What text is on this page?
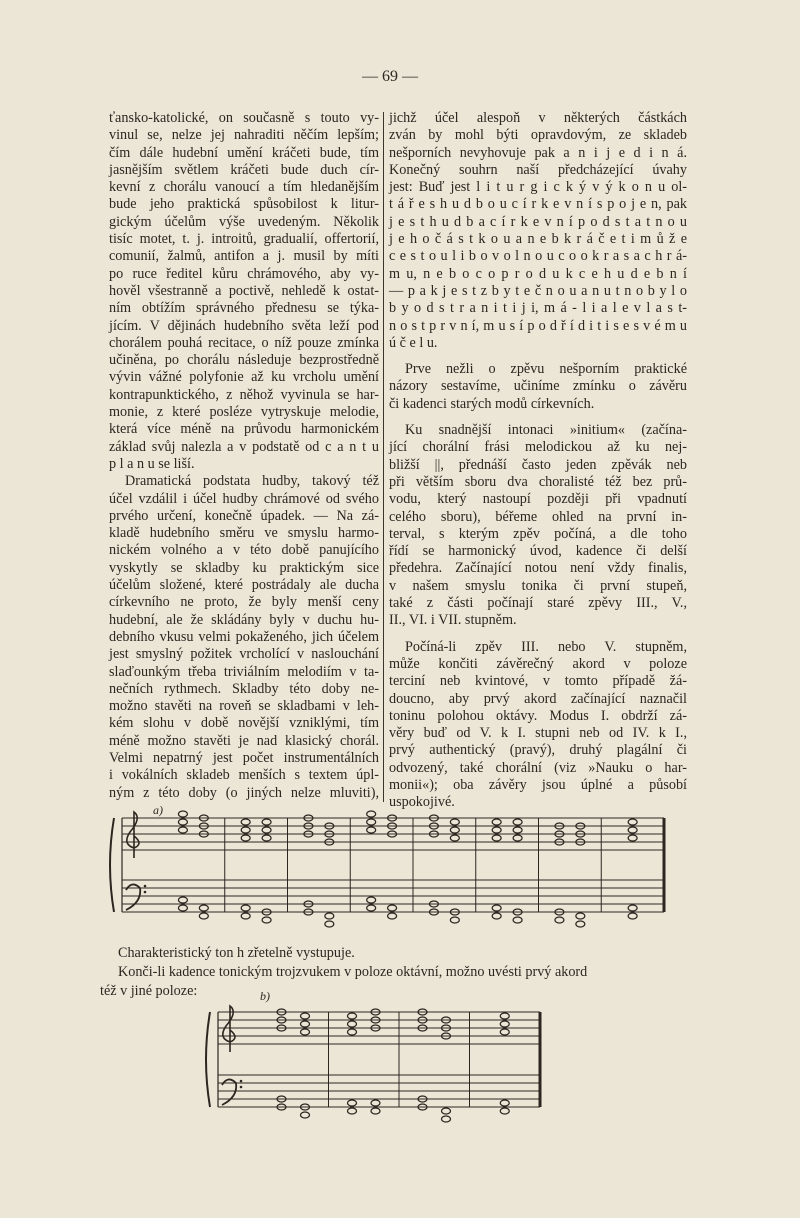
— 69 —
ťansko-katolické, on současně s touto vy-
vinul se, nelze jej nahraditi něčím lepším;
čím dále hudební umění kráčeti bude, tím
jasnějším světlem kráčeti bude duch cír-
kevní z chorálu vanoucí a tím hledanějším
bude jeho praktická spůsobilost k litur-
gickým účelům výše uvedeným. Několik
tisíc motet, t. j. introitů, gradualií, offertorií,
comunií, žalmů, antifon a j. musil by míti
po ruce ředitel kůru chrámového, aby vy-
hověl všestranně a poctivě, nehledě k ostat-
ním obtížím správného přednesu se týka-
jícím. V dějinách hudebního světa leží pod
chorálem pouhá recitace, o níž pouze zmínka
učiněna, po chorálu následuje bezprostředně
vývin vážné polyfonie až ku vrcholu umění
kontrapunktického, z něhož vyvinula se har-
monie, z které posléze vytryskuje melodie,
která více méně na průvodu harmonickém
základ svůj nalezla a v podstatě od c a n t u
p l a n u se liší.
Dramatická podstata hudby, takový též
účel vzdálil i účel hudby chrámové od svého
prvého určení, konečně úpadek. — Na zá-
kladě hudebního směru ve smyslu harmo-
nickém volného a v této době panujícího
vyskytly se skladby ku praktickým sice
účelům složené, které postrádaly ale ducha
církevního ne proto, že byly menší ceny
hudební, ale že skládány byly v duchu hu-
debního vkusu velmi pokaženého, jich účelem
jest smyslný požitek vrcholící v naslouchání
slaďounkým třeba triviálním melodiím v ta-
nečních rythmech. Skladby této doby ne-
možno stavěti na roveň se skladbami v leh-
kém slohu v době novější vzniklými, tím
méně možno stavěti je nad klasický chorál.
Velmi nepatrný jest počet instrumentálních
i vokálních skladeb menších s textem úpl-
ným z této doby (o jiných nelze mluviti),
jichž účel alespoň v některých částkách
zván by mohl býti opravdovým, ze skladeb
nešporních nevyhovuje pak a n i j e d i n á.
Konečný souhrn naší předcházející úvahy
jest: Buď jest l i t u r g i c k ý v ý k o n u ol-
t á ř e s h u d b o u c í r k e v n í s p o j e n, pak
j e s t h u d b a c í r k e v n í p o d s t a t n o u
j e h o č á s t k o u a n e b k r á č e t i m ů ž e
c e s t o u l i b o v o l n o u c o o k r a s a c h r á-
m u, n e b o c o p r o d u k c e h u d e b n í
— p a k j e s t z b y t e č n o u a n u t n o b y l o
b y o d s t r a n i t i j i, m á - l i a l e v l a s t-
n o s t p r v n í, m u s í p o d ř í d i t i s e s v é m u
ú č e l u.
Prve nežli o zpěvu nešporním praktické
názory sestavíme, učiníme zmínku o závěru
či kadenci starých modů církevních.
Ku snadnější intonaci »initium« (začína-
jící chorální frási melodickou až ku nej-
bližší ||, přednáší často jeden zpěvák neb
při větším sboru dva choralisté též bez prů-
vodu, který nastoupí později při vpadnutí
celého sboru), béřeme ohled na první in-
terval, s kterým zpěv počíná, a dle toho
řídí se harmonický úvod, kadence či delší
předehra. Začínající notou není vždy finalis,
v našem smyslu tonika či první stupeň,
také z části počínají staré zpěvy III., V.,
II., VI. i VII. stupněm.
Počíná-li zpěv III. nebo V. stupněm,
může končiti závěrečný akord v poloze
terciní neb kvintové, v tomto případě žá-
doucno, aby prvý akord začínající naznačil
toninu polohou oktávy. Modus I. obdrží zá-
věry buď od V. k I. stupni neb od IV. k I.,
prvý authentický (pravý), druhý plagální či
odvozený, také chorální (viz »Nauku o har-
monii«); oba závěry jsou úplné a působí
uspokojivé.
a)
b)
Charakteristický ton h zřetelně vystupuje.
Konči-li kadence tonickým trojzvukem v poloze oktávní, možno uvésti prvý akord
též v jiné poloze:
